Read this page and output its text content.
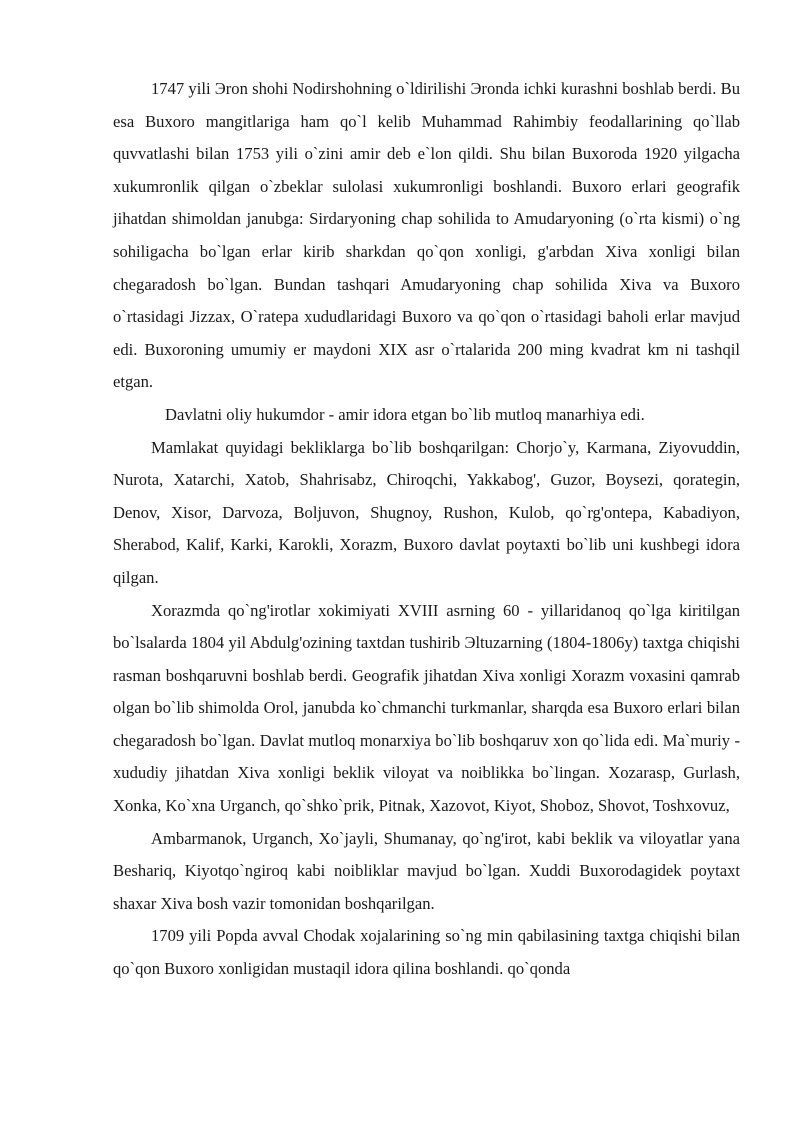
1747 yili Эron shohi Nodirshohning o`ldirilishi Эronda ichki kurashni boshlab berdi. Bu esa Buxoro mangitlariga ham qo`l kelib Muhammad Rahimbiy feodallarining qo`llab quvvatlashi bilan 1753 yili o`zini amir deb e`lon qildi. Shu bilan Buxoroda 1920 yilgacha xukumronlik qilgan o`zbeklar sulolasi xukumronligi boshlandi. Buxoro erlari geografik jihatdan shimoldan janubga: Sirdaryoning chap sohilida to Amudaryoning (o`rta kismi) o`ng sohiligacha bo`lgan erlar kirib sharkdan qo`qon xonligi, g'arbdan Xiva xonligi bilan chegaradosh bo`lgan. Bundan tashqari Amudaryoning chap sohilida Xiva va Buxoro o`rtasidagi Jizzax, O`ratepa xududlaridagi Buxoro va qo`qon o`rtasidagi baholi erlar mavjud edi. Buxoroning umumiy er maydoni XIX asr o`rtalarida 200 ming kvadrat km ni tashqil etgan.

Davlatni oliy hukumdor - amir idora etgan bo`lib mutloq manarhiya edi.

Mamlakat quyidagi bekliklarga bo`lib boshqarilgan: Chorjo`y, Karmana, Ziyovuddin, Nurota, Xatarchi, Xatob, Shahrisabz, Chiroqchi, Yakkabog', Guzor, Boysezi, qorategin, Denov, Xisor, Darvoza, Boljuvon, Shugnoy, Rushon, Kulob, qo`rg'ontepa, Kabadiyon, Sherabod, Kalif, Karki, Karokli, Xorazm, Buxoro davlat poytaxti bo`lib uni kushbegi idora qilgan.

Xorazmda qo`ng'irotlar xokimiyati XVIII asrning 60 - yillaridanoq qo`lga kiritilgan bo`lsalarda 1804 yil Abdulg'ozining taxtdan tushirib Эltuzarning (1804-1806y) taxtga chiqishi rasman boshqaruvni boshlab berdi. Geografik jihatdan Xiva xonligi Xorazm voxasini qamrab olgan bo`lib shimolda Orol, janubda ko`chmanchi turkmanlar, sharqda esa Buxoro erlari bilan chegaradosh bo`lgan. Davlat mutloq monarxiya bo`lib boshqaruv xon qo`lida edi. Ma`muriy - xududiy jihatdan Xiva xonligi beklik viloyat va noiblikka bo`lingan. Xozarasp, Gurlash, Xonka, Ko`xna Urganch, qo`shko`prik, Pitnak, Xazovot, Kiyot, Shoboz, Shovot, Toshxovuz,

Ambarmanok, Urganch, Xo`jayli, Shumanay, qo`ng'irot, kabi beklik va viloyatlar yana Beshariq, Kiyotqo`ngiroq kabi noibliklar mavjud bo`lgan. Xuddi Buxorodagidek poytaxt shaxar Xiva bosh vazir tomonidan boshqarilgan.

1709 yili Popda avval Chodak xojalarining so`ng min qabilasining taxtga chiqishi bilan qo`qon Buxoro xonligidan mustaqil idora qilina boshlandi. qo`qonda
